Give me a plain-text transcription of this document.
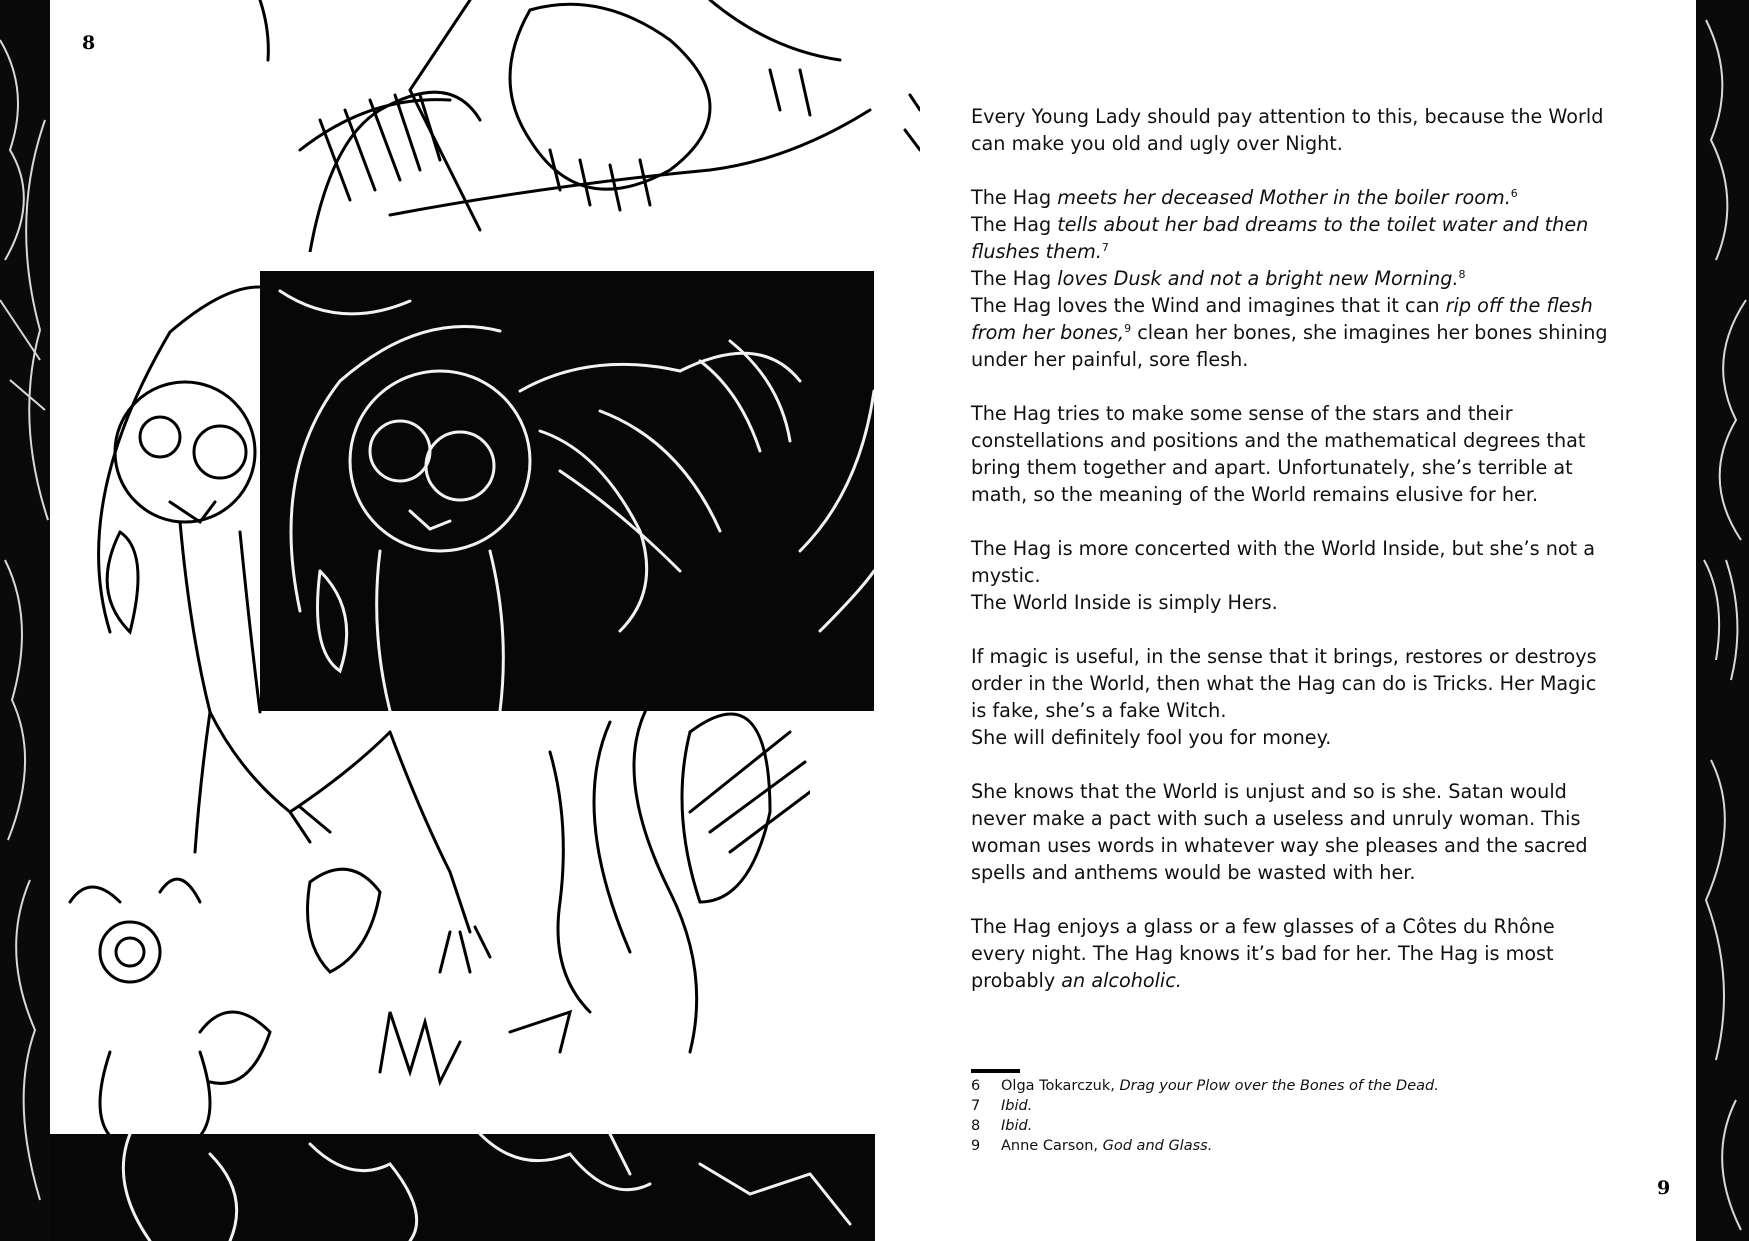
8

Every Young Lady should pay attention to this, because the World can make you old and ugly over Night.

The Hag meets her deceased Mother in the boiler room.$^6$
The Hag tells about her bad dreams to the toilet water and then flushes them.$^7$
The Hag loves Dusk and not a bright new Morning.$^8$
The Hag loves the Wind and imagines that it can rip off the flesh from her bones,$^9$ clean her bones, she imagines her bones shining under her painful, sore flesh.

The Hag tries to make some sense of the stars and their constellations and positions and the mathematical degrees that bring them together and apart. Unfortunately, she’s terrible at math, so the meaning of the World remains elusive for her.

The Hag is more concerted with the World Inside, but she’s not a mystic.
The World Inside is simply Hers.

If magic is useful, in the sense that it brings, restores or destroys order in the World, then what the Hag can do is Tricks. Her Magic is fake, she’s a fake Witch.
She will definitely fool you for money.

She knows that the World is unjust and so is she. Satan would never make a pact with such a useless and unruly woman. This woman uses words in whatever way she pleases and the sacred spells and anthems would be wasted with her.

The Hag enjoys a glass or a few glasses of a Côtes du Rhône every night. The Hag knows it’s bad for her. The Hag is most probably an alcoholic.

6 Olga Tokarczuk, Drag your Plow over the Bones of the Dead.
7 Ibid.
8 Ibid.
9 Anne Carson, God and Glass.
9
